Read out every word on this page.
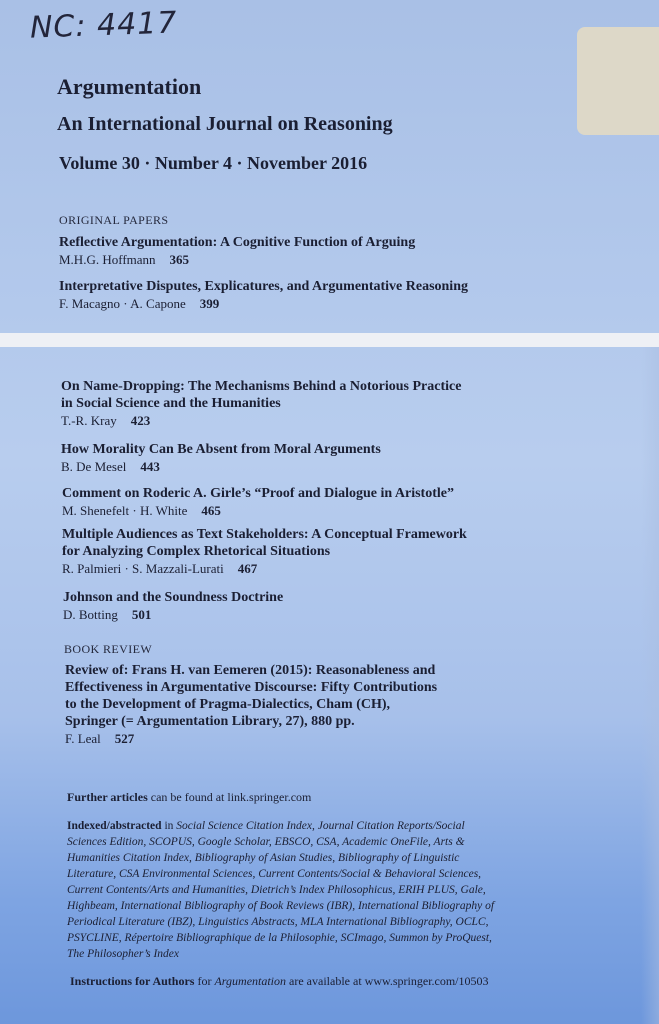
NC: 4417
Argumentation
An International Journal on Reasoning
Volume 30 · Number 4 · November 2016
ORIGINAL PAPERS
Reflective Argumentation: A Cognitive Function of Arguing
M.H.G. Hoffmann 365
Interpretative Disputes, Explicatures, and Argumentative Reasoning
F. Macagno · A. Capone 399
On Name-Dropping: The Mechanisms Behind a Notorious Practice
in Social Science and the Humanities
T.-R. Kray 423
How Morality Can Be Absent from Moral Arguments
B. De Mesel 443
Comment on Roderic A. Girle’s “Proof and Dialogue in Aristotle”
M. Shenefelt · H. White 465
Multiple Audiences as Text Stakeholders: A Conceptual Framework
for Analyzing Complex Rhetorical Situations
R. Palmieri · S. Mazzali-Lurati 467
Johnson and the Soundness Doctrine
D. Botting 501
BOOK REVIEW
Review of: Frans H. van Eemeren (2015): Reasonableness and
Effectiveness in Argumentative Discourse: Fifty Contributions
to the Development of Pragma-Dialectics, Cham (CH),
Springer (= Argumentation Library, 27), 880 pp.
F. Leal 527
Further articles can be found at link.springer.com
Indexed/abstracted in Social Science Citation Index, Journal Citation Reports/Social
Sciences Edition, SCOPUS, Google Scholar, EBSCO, CSA, Academic OneFile, Arts &
Humanities Citation Index, Bibliography of Asian Studies, Bibliography of Linguistic
Literature, CSA Environmental Sciences, Current Contents/Social & Behavioral Sciences,
Current Contents/Arts and Humanities, Dietrich’s Index Philosophicus, ERIH PLUS, Gale,
Highbeam, International Bibliography of Book Reviews (IBR), International Bibliography of
Periodical Literature (IBZ), Linguistics Abstracts, MLA International Bibliography, OCLC,
PSYCLINE, Répertoire Bibliographique de la Philosophie, SCImago, Summon by ProQuest,
The Philosopher’s Index
Instructions for Authors for Argumentation are available at www.springer.com/10503
